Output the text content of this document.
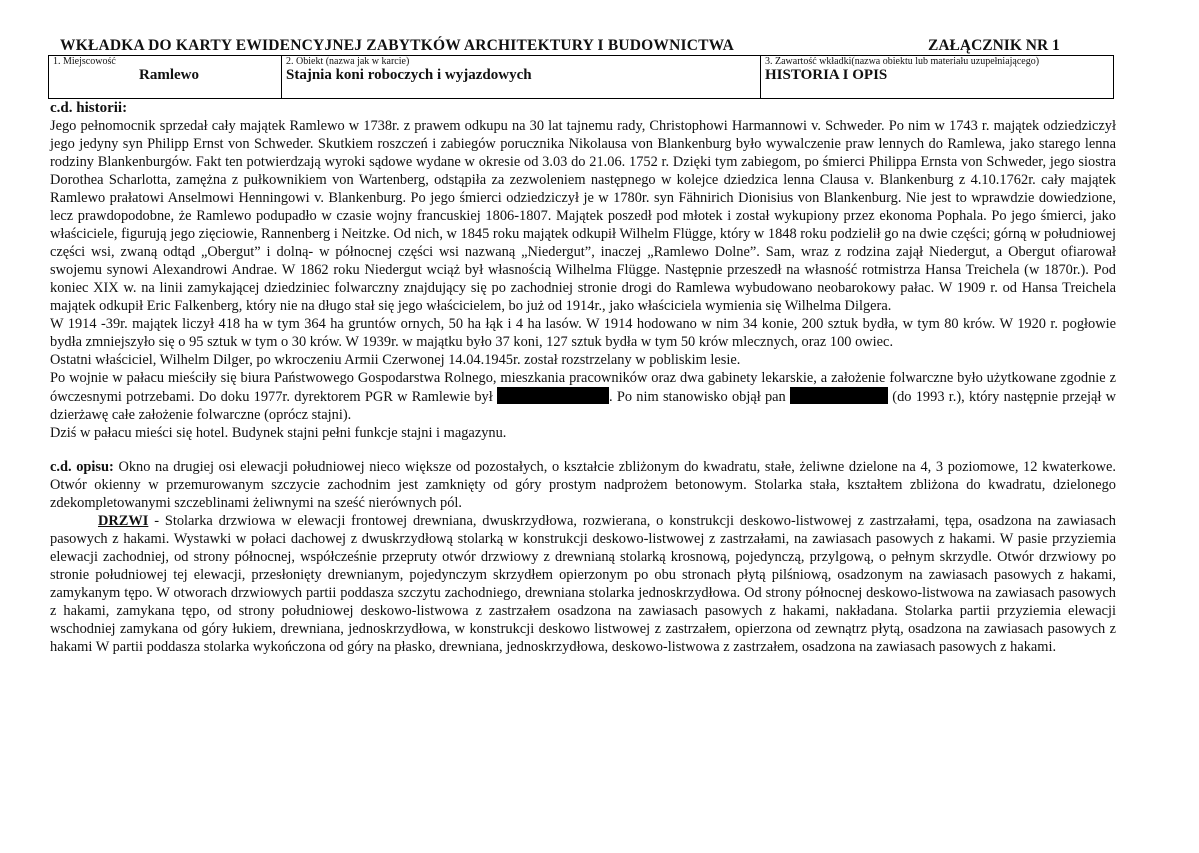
WKŁADKA DO KARTY EWIDENCYJNEJ ZABYTKÓW ARCHITEKTURY I BUDOWNICTWA	ZAŁĄCZNIK NR 1
1. Miejscowość
Ramlewo

2. Obiekt (nazwa jak w karcie)
Stajnia koni roboczych i wyjazdowych

3. Zawartość wkładki(nazwa obiektu lub materiału uzupełniającego)
HISTORIA I OPIS

c.d. historii:

Jego pełnomocnik sprzedał cały majątek Ramlewo w 1738r. z prawem odkupu na 30 lat tajnemu rady, Christophowi Harmannowi v. Schweder. Po nim w 1743 r. majątek odziedziczył jego jedyny syn Philipp Ernst von Schweder. Skutkiem roszczeń i zabiegów porucznika Nikolausa von Blankenburg było wywalczenie praw lennych do Ramlewa, jako starego lenna rodziny Blankenburgów. Fakt ten potwierdzają wyroki sądowe wydane w okresie od 3.03 do 21.06. 1752 r. Dzięki tym zabiegom, po śmierci Philippa Ernsta von Schweder, jego siostra Dorothea Scharlotta, zamężna z pułkownikiem von Wartenberg, odstąpiła za zezwoleniem następnego w kolejce dziedzica lenna Clausa v. Blankenburg z 4.10.1762r. cały majątek Ramlewo prałatowi Anselmowi Henningowi v. Blankenburg. Po jego śmierci odziedziczył je w 1780r. syn Fähnirich Dionisius von Blankenburg. Nie jest to wprawdzie dowiedzione, lecz prawdopodobne, że Ramlewo podupadło w czasie wojny francuskiej 1806-1807. Majątek poszedł pod młotek i został wykupiony przez ekonoma Pophala. Po jego śmierci, jako właściciele, figurują jego zięciowie, Rannenberg i Neitzke. Od nich, w 1845 roku majątek odkupił Wilhelm Flügge, który w 1848 roku podzielił go na dwie części; górną w południowej części wsi, zwaną odtąd „Obergut” i dolną- w północnej części wsi nazwaną „Niedergut”, inaczej „Ramlewo Dolne”. Sam, wraz z rodzina zajął Niedergut, a Obergut ofiarował swojemu synowi Alexandrowi Andrae. W 1862 roku Niedergut wciąż był własnością Wilhelma Flügge. Następnie przeszedł na własność rotmistrza Hansa Treichela (w 1870r.). Pod koniec XIX w. na linii zamykającej dziedziniec folwarczny znajdujący się po zachodniej stronie drogi do Ramlewa wybudowano neobarokowy pałac. W 1909 r. od Hansa Treichela majątek odkupił Eric Falkenberg, który nie na długo stał się jego właścicielem, bo już od 1914r., jako właściciela wymienia się Wilhelma Dilgera.

W 1914 -39r. majątek liczył 418 ha w tym 364 ha gruntów ornych, 50 ha łąk i 4 ha lasów. W 1914 hodowano w nim 34 konie, 200 sztuk bydła, w tym 80 krów. W 1920 r. pogłowie bydła zmniejszyło się o 95 sztuk w tym o 30 krów. W 1939r. w majątku było 37 koni, 127 sztuk bydła w tym 50 krów mlecznych, oraz 100 owiec.

Ostatni właściciel, Wilhelm Dilger, po wkroczeniu Armii Czerwonej 14.04.1945r. został rozstrzelany w pobliskim lesie.

Po wojnie w pałacu mieściły się biura Państwowego Gospodarstwa Rolnego, mieszkania pracowników oraz dwa gabinety lekarskie, a założenie folwarczne było użytkowane zgodnie z ówczesnymi potrzebami. Do doku 1977r. dyrektorem PGR w Ramlewie był	. Po nim stanowisko objął pan	(do 1993 r.), który następnie przejął w dzierżawę całe założenie folwarczne (oprócz stajni).

Dziś w pałacu mieści się hotel. Budynek stajni pełni funkcje stajni i magazynu.

c.d. opisu: Okno na drugiej osi elewacji południowej nieco większe od pozostałych, o kształcie zbliżonym do kwadratu, stałe, żeliwne dzielone na 4, 3 poziomowe, 12 kwaterkowe. Otwór okienny w przemurowanym szczycie zachodnim jest zamknięty od góry prostym nadprożem betonowym. Stolarka stała, kształtem zbliżona do kwadratu, dzielonego zdekompletowanymi szczeblinami żeliwnymi na sześć nierównych pól.

DRZWI - Stolarka drzwiowa w elewacji frontowej drewniana, dwuskrzydłowa, rozwierana, o konstrukcji deskowo-listwowej z zastrzałami, tępa, osadzona na zawiasach pasowych z hakami. Wystawki w połaci dachowej z dwuskrzydłową stolarką w konstrukcji deskowo-listwowej z zastrzałami, na zawiasach pasowych z hakami. W pasie przyziemia elewacji zachodniej, od strony północnej, współcześnie przepruty otwór drzwiowy z drewnianą stolarką krosnową, pojedynczą, przylgową, o pełnym skrzydle. Otwór drzwiowy po stronie południowej tej elewacji, przesłonięty drewnianym, pojedynczym skrzydłem opierzonym po obu stronach płytą pilśniową, osadzonym na zawiasach pasowych z hakami, zamykanym tępo. W otworach drzwiowych partii poddasza szczytu zachodniego, drewniana stolarka jednoskrzydłowa. Od strony północnej deskowo-listwowa na zawiasach pasowych z hakami, zamykana tępo, od strony południowej deskowo-listwowa z zastrzałem osadzona na zawiasach pasowych z hakami, nakładana. Stolarka partii przyziemia elewacji wschodniej zamykana od góry łukiem, drewniana, jednoskrzydłowa, w konstrukcji deskowo listwowej z zastrzałem, opierzona od zewnątrz płytą, osadzona na zawiasach pasowych z hakami W partii poddasza stolarka wykończona od góry na płasko, drewniana, jednoskrzydłowa, deskowo-listwowa z zastrzałem, osadzona na zawiasach pasowych z hakami.
